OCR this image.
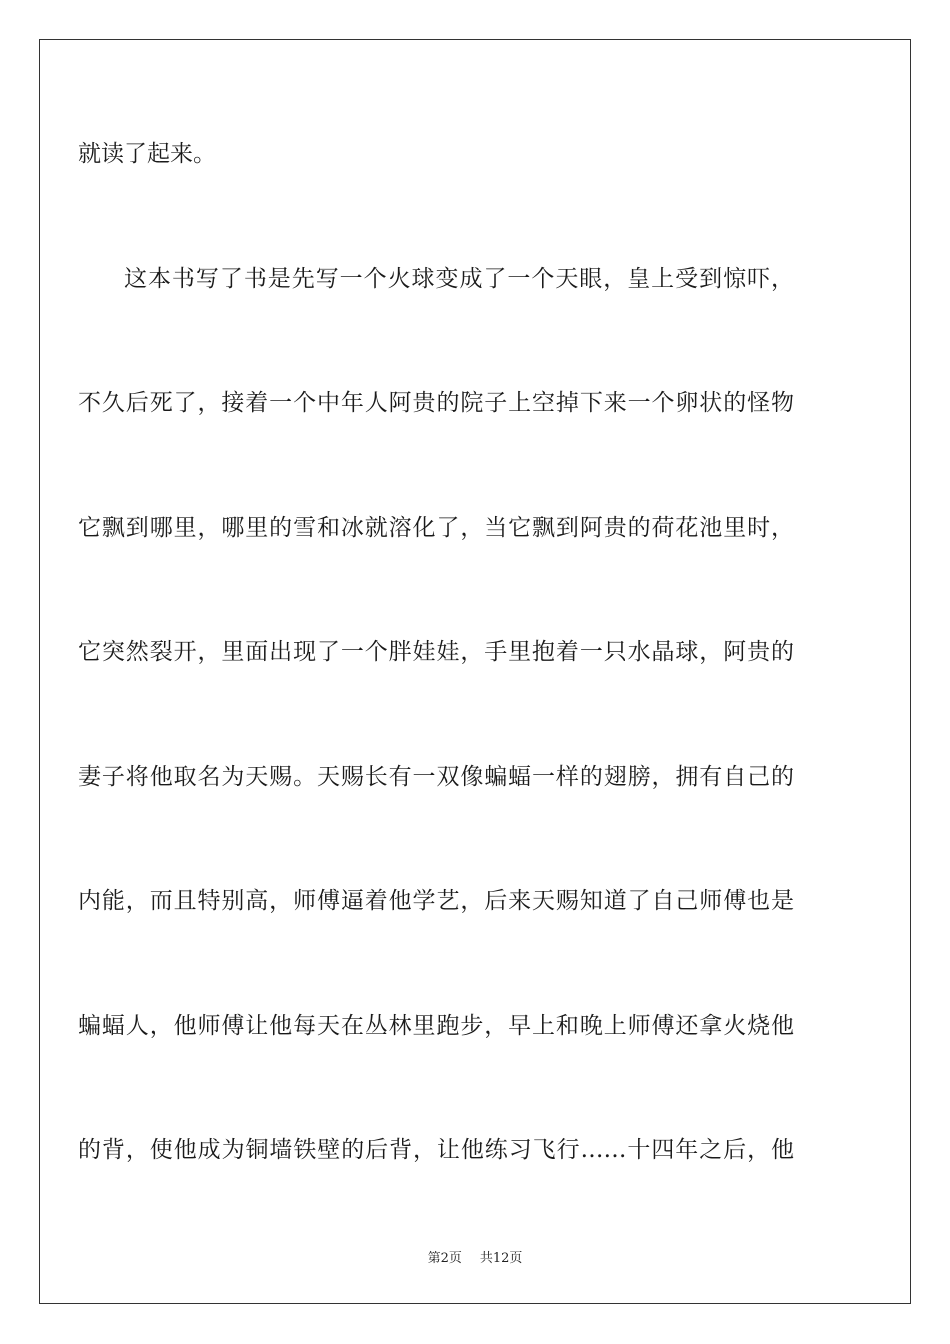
就读了起来。
这本书写了书是先写一个火球变成了一个天眼，皇上受到惊吓，
不久后死了，接着一个中年人阿贵的院子上空掉下来一个卵状的怪物
它飘到哪里，哪里的雪和冰就溶化了，当它飘到阿贵的荷花池里时，
它突然裂开，里面出现了一个胖娃娃，手里抱着一只水晶球，阿贵的
妻子将他取名为天赐。天赐长有一双像蝙蝠一样的翅膀，拥有自己的
内能，而且特别高，师傅逼着他学艺，后来天赐知道了自己师傅也是
蝙蝠人，他师傅让他每天在丛林里跑步，早上和晚上师傅还拿火烧他
的背，使他成为铜墙铁壁的后背，让他练习飞行……十四年之后，他
第2页 共12页
